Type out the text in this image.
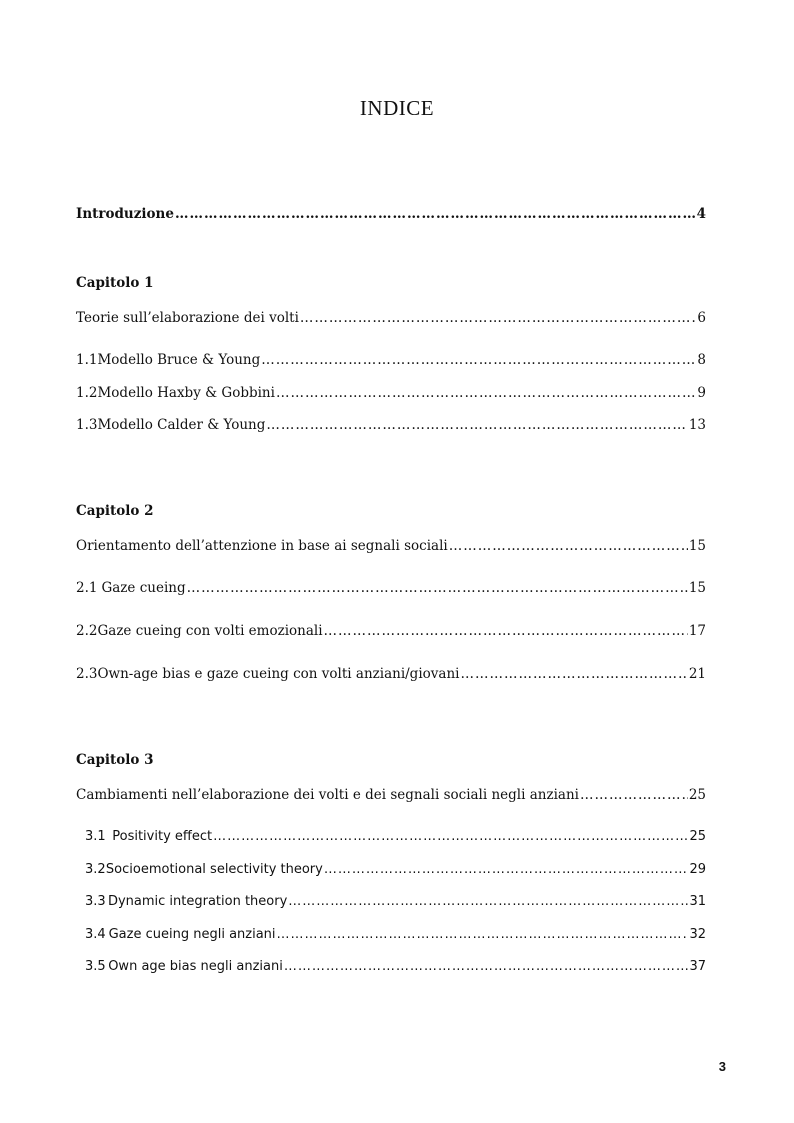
INDICE
Introduzione …………………………………………………………………………………………………………………………………………………………………………………………………………	4
Capitolo 1
Teorie sull’elaborazione dei volti …………………………………………………………………………………………………………………………………………………………………………………………………………	6
1.1 Modello Bruce & Young …………………………………………………………………………………………………………………………………………………………………………………………………………	8
1.2 Modello Haxby & Gobbini …………………………………………………………………………………………………………………………………………………………………………………………………………	9
1.3 Modello Calder & Young …………………………………………………………………………………………………………………………………………………………………………………………………………	13
Capitolo 2
Orientamento dell’attenzione in base ai segnali sociali …………………………………………………………………………………………………………………………………………………………………………………………………………	15
2.1 Gaze cueing …………………………………………………………………………………………………………………………………………………………………………………………………………	15
2.2 Gaze cueing con volti emozionali …………………………………………………………………………………………………………………………………………………………………………………………………………	17
2.3 Own-age bias e gaze cueing con volti anziani/giovani …………………………………………………………………………………………………………………………………………………………………………………………………………	21
Capitolo 3
Cambiamenti nell’elaborazione dei volti e dei segnali sociali negli anziani …………………………………………………………………………………………………………………………………………………………………………………………………………	25
3.1 Positivity effect …………………………………………………………………………………………………………………………………………………………………………………………………………	25
3.2 Socioemotional selectivity theory …………………………………………………………………………………………………………………………………………………………………………………………………………	29
3.3 Dynamic integration theory …………………………………………………………………………………………………………………………………………………………………………………………………………	31
3.4 Gaze cueing negli anziani …………………………………………………………………………………………………………………………………………………………………………………………………………	32
3.5 Own age bias negli anziani …………………………………………………………………………………………………………………………………………………………………………………………………………	37
3
